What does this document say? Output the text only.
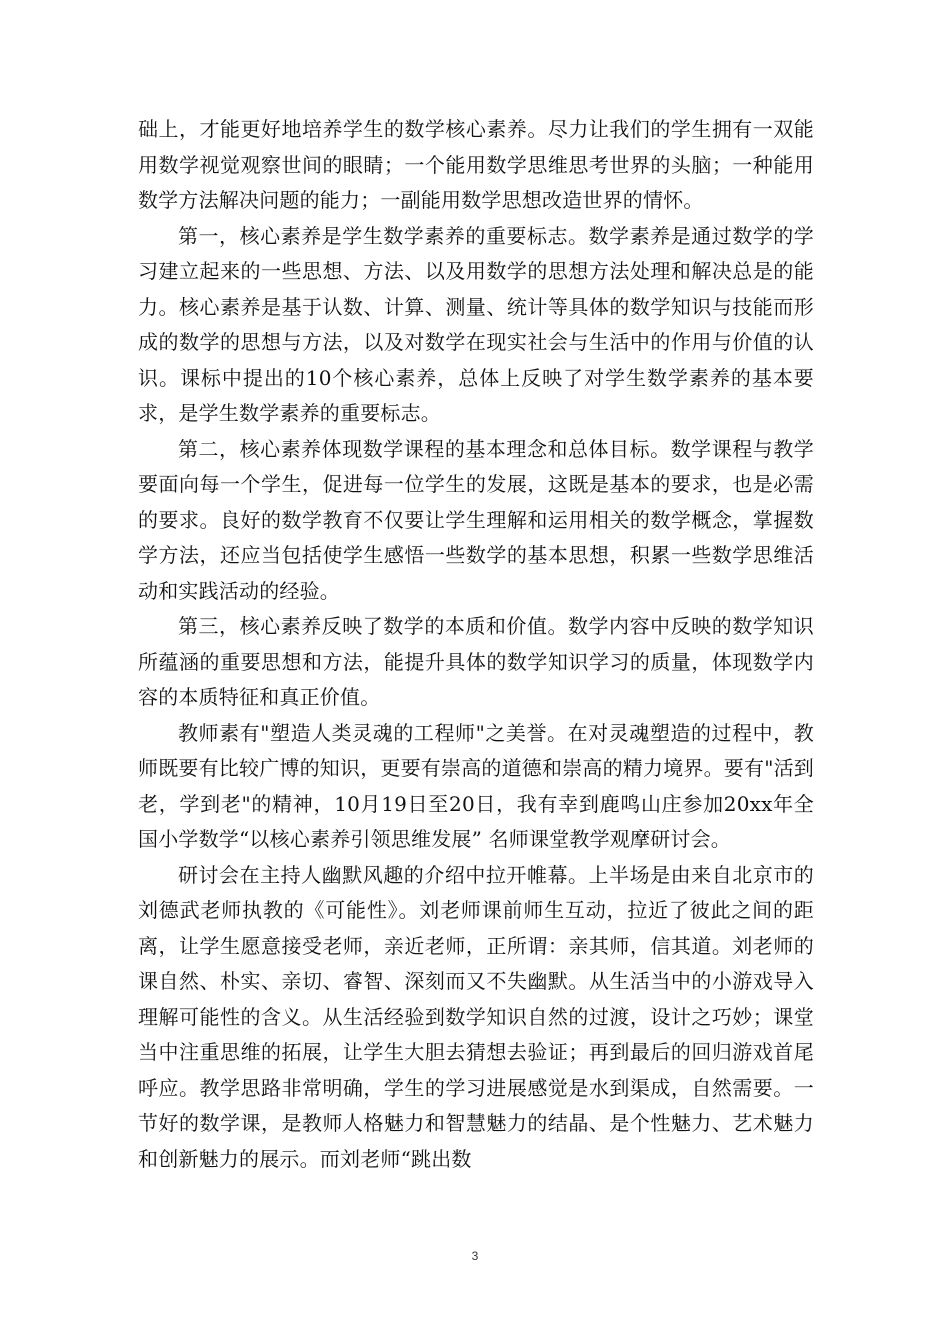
础上，才能更好地培养学生的数学核心素养。尽力让我们的学生拥有一双能用数学视觉观察世间的眼睛；一个能用数学思维思考世界的头脑；一种能用数学方法解决问题的能力；一副能用数学思想改造世界的情怀。

第一，核心素养是学生数学素养的重要标志。数学素养是通过数学的学习建立起来的一些思想、方法、以及用数学的思想方法处理和解决总是的能力。核心素养是基于认数、计算、测量、统计等具体的数学知识与技能而形成的数学的思想与方法，以及对数学在现实社会与生活中的作用与价值的认识。课标中提出的10个核心素养，总体上反映了对学生数学素养的基本要求，是学生数学素养的重要标志。

第二，核心素养体现数学课程的基本理念和总体目标。数学课程与教学要面向每一个学生，促进每一位学生的发展，这既是基本的要求，也是必需的要求。良好的数学教育不仅要让学生理解和运用相关的数学概念，掌握数学方法，还应当包括使学生感悟一些数学的基本思想，积累一些数学思维活动和实践活动的经验。

第三，核心素养反映了数学的本质和价值。数学内容中反映的数学知识所蕴涵的重要思想和方法，能提升具体的数学知识学习的质量，体现数学内容的本质特征和真正价值。

教师素有"塑造人类灵魂的工程师"之美誉。在对灵魂塑造的过程中，教师既要有比较广博的知识，更要有崇高的道德和崇高的精力境界。要有"活到老，学到老"的精神，10月19日至20日，我有幸到鹿鸣山庄参加20xx年全国小学数学“以核心素养引领思维发展” 名师课堂教学观摩研讨会。

研讨会在主持人幽默风趣的介绍中拉开帷幕。上半场是由来自北京市的刘德武老师执教的《可能性》。刘老师课前师生互动，拉近了彼此之间的距离，让学生愿意接受老师，亲近老师，正所谓：亲其师，信其道。刘老师的课自然、朴实、亲切、睿智、深刻而又不失幽默。从生活当中的小游戏导入理解可能性的含义。从生活经验到数学知识自然的过渡，设计之巧妙；课堂当中注重思维的拓展，让学生大胆去猜想去验证；再到最后的回归游戏首尾呼应。教学思路非常明确，学生的学习进展感觉是水到渠成，自然需要。一节好的数学课，是教师人格魅力和智慧魅力的结晶、是个性魅力、艺术魅力和创新魅力的展示。而刘老师“跳出数

3
